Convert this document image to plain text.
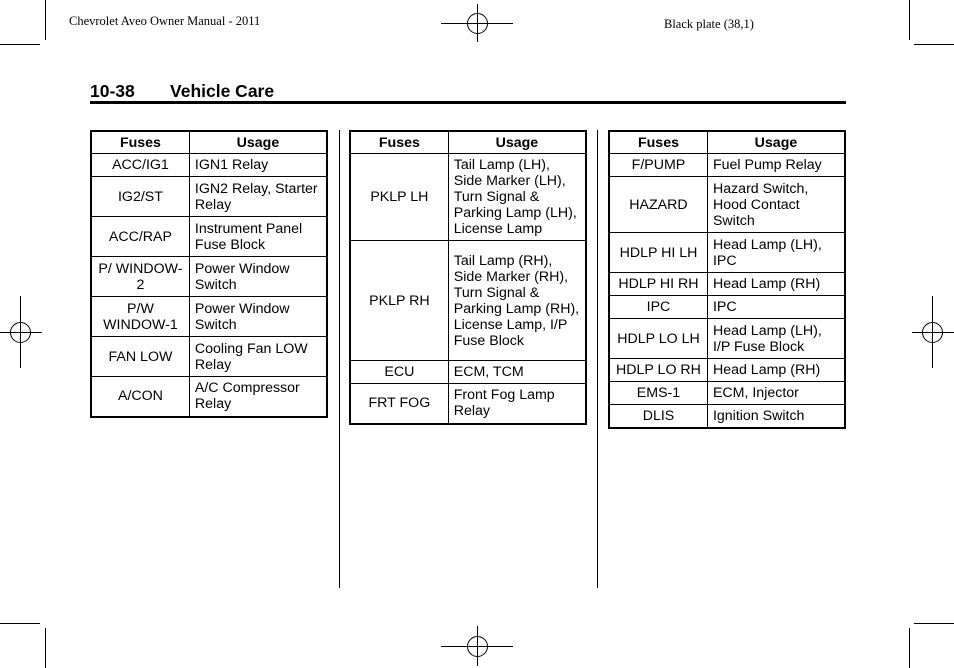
Chevrolet Aveo Owner Manual - 2011	Black plate (38,1)
10-38 Vehicle Care
Fuses	Usage
ACC/IG1	IGN1 Relay
IG2/ST	IGN2 Relay, Starter Relay
ACC/RAP	Instrument Panel Fuse Block
P/ WINDOW-2	Power Window Switch
P/W WINDOW-1	Power Window Switch
FAN LOW	Cooling Fan LOW Relay
A/CON	A/C Compressor Relay
Fuses	Usage
PKLP LH	Tail Lamp (LH), Side Marker (LH), Turn Signal & Parking Lamp (LH), License Lamp
PKLP RH	Tail Lamp (RH), Side Marker (RH), Turn Signal & Parking Lamp (RH), License Lamp, I/P Fuse Block
ECU	ECM, TCM
FRT FOG	Front Fog Lamp Relay
Fuses	Usage
F/PUMP	Fuel Pump Relay
HAZARD	Hazard Switch, Hood Contact Switch
HDLP HI LH	Head Lamp (LH), IPC
HDLP HI RH	Head Lamp (RH)
IPC	IPC
HDLP LO LH	Head Lamp (LH), I/P Fuse Block
HDLP LO RH	Head Lamp (RH)
EMS-1	ECM, Injector
DLIS	Ignition Switch
